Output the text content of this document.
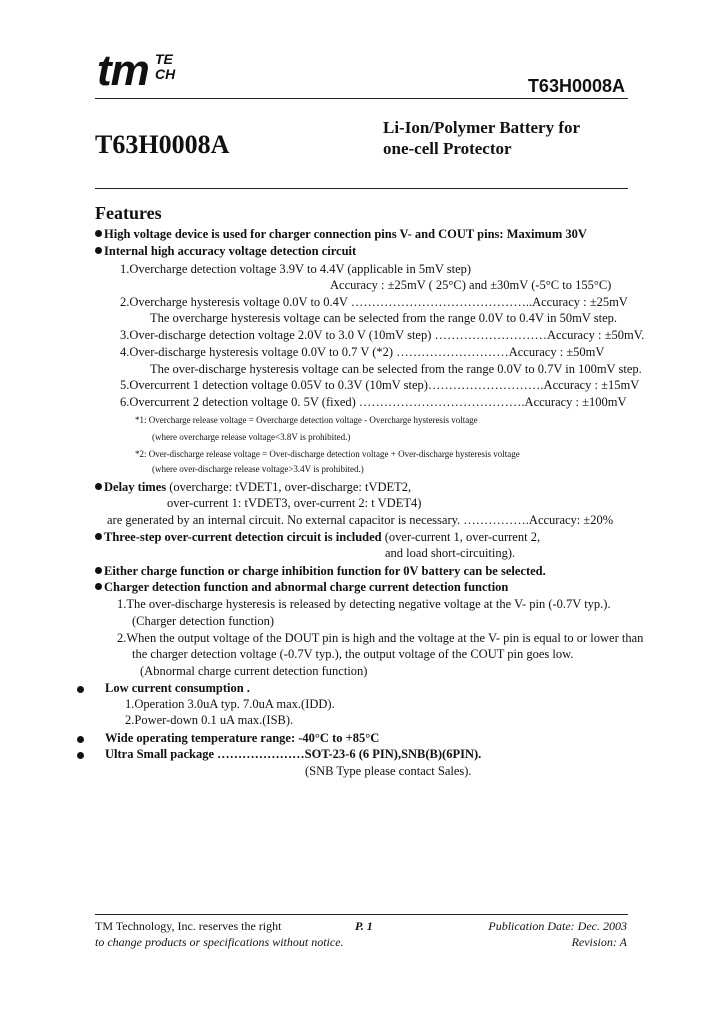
tm TE
CH
T63H0008A
T63H0008A
Li-Ion/Polymer Battery for
one-cell Protector
Features
High voltage device is used for charger connection pins V- and COUT pins: Maximum 30V
Internal high accuracy voltage detection circuit
1.Overcharge detection voltage 3.9V to 4.4V (applicable in 5mV step)
Accuracy : ±25mV ( 25°C) and ±30mV (-5°C to 155°C)
2.Overcharge hysteresis voltage 0.0V to 0.4V ……………………………………..Accuracy : ±25mV
The overcharge hysteresis voltage can be selected from the range 0.0V to 0.4V in 50mV step.
3.Over-discharge detection voltage 2.0V to 3.0 V (10mV step) ………………………Accuracy : ±50mV.
4.Over-discharge hysteresis voltage 0.0V to 0.7 V (*2) ………………………Accuracy : ±50mV
The over-discharge hysteresis voltage can be selected from the range 0.0V to 0.7V in 100mV step.
5.Overcurrent 1 detection voltage 0.05V to 0.3V (10mV step)……………………….Accuracy : ±15mV
6.Overcurrent 2 detection voltage 0. 5V (fixed) ………………………………….Accuracy : ±100mV
*1: Overcharge release voltage = Overcharge detection voltage - Overcharge hysteresis voltage
(where overcharge release voltage<3.8V is prohibited.)
*2: Over-discharge release voltage = Over-discharge detection voltage + Over-discharge hysteresis voltage
(where over-discharge release voltage>3.4V is prohibited.)
Delay times (overcharge: tVDET1, over-discharge: tVDET2,
over-current 1: tVDET3, over-current 2: t VDET4)
are generated by an internal circuit. No external capacitor is necessary. …………….Accuracy: ±20%
Three-step over-current detection circuit is included (over-current 1, over-current 2,
and load short-circuiting).
Either charge function or charge inhibition function for 0V battery can be selected.
Charger detection function and abnormal charge current detection function
1.The over-discharge hysteresis is released by detecting negative voltage at the V- pin (-0.7V typ.).
(Charger detection function)
2.When the output voltage of the DOUT pin is high and the voltage at the V- pin is equal to or lower than
the charger detection voltage (-0.7V typ.), the output voltage of the COUT pin goes low.
(Abnormal charge current detection function)
Low current consumption .
1.Operation 3.0uA typ. 7.0uA max.(IDD).
2.Power-down 0.1 uA max.(ISB).
Wide operating temperature range: -40°C to +85°C
Ultra Small package …………………SOT-23-6 (6 PIN),SNB(B)(6PIN).
(SNB Type please contact Sales).
TM Technology, Inc. reserves the right
to change products or specifications without notice.
P. 1	Publication Date: Dec. 2003
Revision: A
